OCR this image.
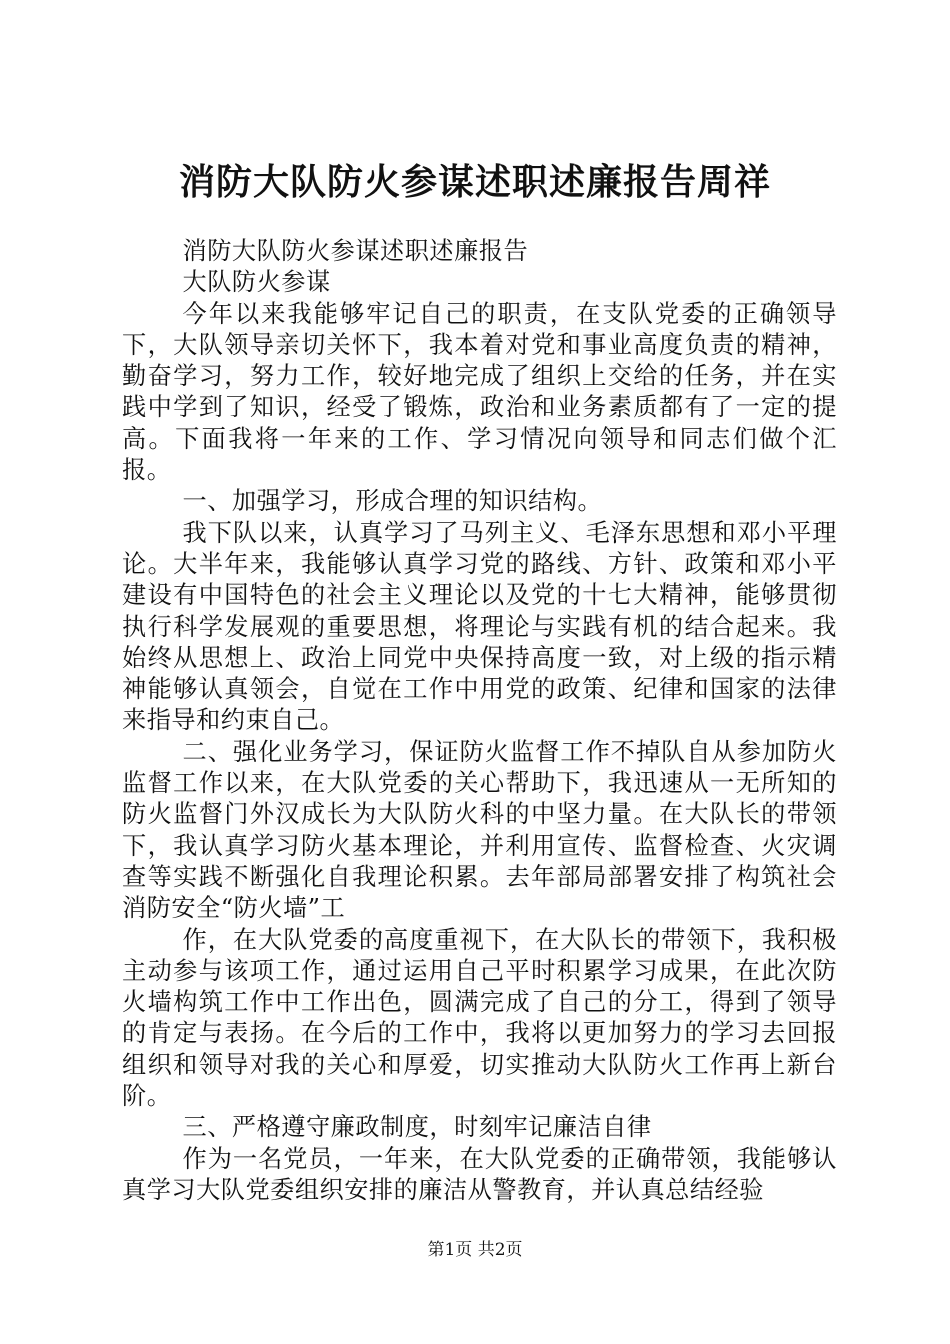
消防大队防火参谋述职述廉报告周祥

消防大队防火参谋述职述廉报告

大队防火参谋

今年以来我能够牢记自己的职责，在支队党委的正确领导下，大队领导亲切关怀下，我本着对党和事业高度负责的精神，勤奋学习，努力工作，较好地完成了组织上交给的任务，并在实践中学到了知识，经受了锻炼，政治和业务素质都有了一定的提高。下面我将一年来的工作、学习情况向领导和同志们做个汇报。

一、加强学习，形成合理的知识结构。

我下队以来，认真学习了马列主义、毛泽东思想和邓小平理论。大半年来，我能够认真学习党的路线、方针、政策和邓小平建设有中国特色的社会主义理论以及党的十七大精神，能够贯彻执行科学发展观的重要思想，将理论与实践有机的结合起来。我始终从思想上、政治上同党中央保持高度一致，对上级的指示精神能够认真领会，自觉在工作中用党的政策、纪律和国家的法律来指导和约束自己。

二、强化业务学习，保证防火监督工作不掉队自从参加防火监督工作以来，在大队党委的关心帮助下，我迅速从一无所知的防火监督门外汉成长为大队防火科的中坚力量。在大队长的带领下，我认真学习防火基本理论，并利用宣传、监督检查、火灾调查等实践不断强化自我理论积累。去年部局部署安排了构筑社会消防安全“防火墙”工

作，在大队党委的高度重视下，在大队长的带领下，我积极主动参与该项工作，通过运用自己平时积累学习成果，在此次防火墙构筑工作中工作出色，圆满完成了自己的分工，得到了领导的肯定与表扬。在今后的工作中，我将以更加努力的学习去回报组织和领导对我的关心和厚爱，切实推动大队防火工作再上新台阶。

三、严格遵守廉政制度，时刻牢记廉洁自律

作为一名党员，一年来，在大队党委的正确带领，我能够认真学习大队党委组织安排的廉洁从警教育，并认真总结经验

第1页 共2页
